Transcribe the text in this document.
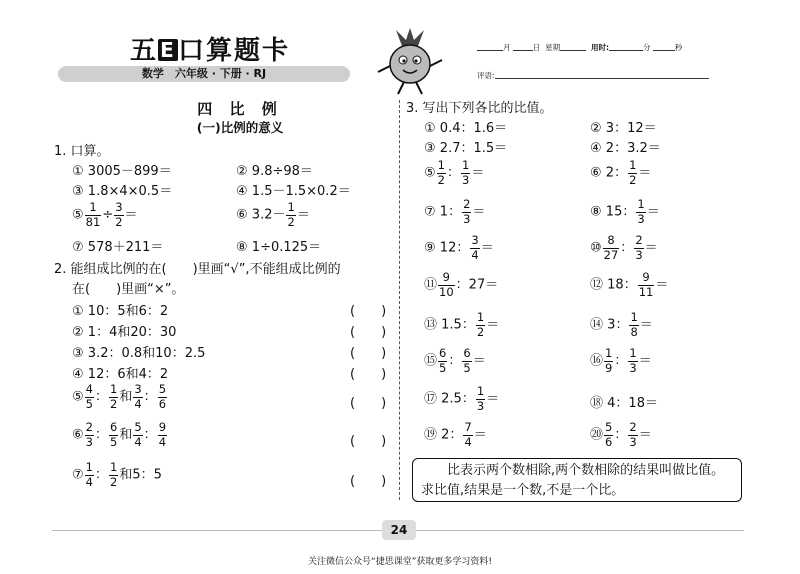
五 E口算题卡
数学　六年级 · 下册 · RJ
月	日 星期	用时:	分	秒
评语:
四 比 例
(一)比例的意义
1. 口算。
① 3005－899＝	② 9.8÷98＝
③ 1.8×4×0.5＝	④ 1.5－1.5×0.2＝
⑤ $\frac{1}{81} \div \frac{3}{2}$ ＝	⑥ $3.2- \frac{1}{2}$ ＝
⑦ 578＋211＝	⑧ 1÷0.125＝
2. 能组成比例的在(　　)里画“√”,不能组成比例的
在(　　)里画“×”。
① 10：5和6：2	(　　)
② 1：4和20：30	(　　)
③ 3.2：0.8和10：2.5	(　　)
④ 12：6和4：2	(　　)
⑤ $\frac{4}{5}$ ： $\frac{1}{2}$ 和 $\frac{3}{4}$ ： $\frac{5}{6}$	(　　)
⑥ $\frac{2}{3}$ ： $\frac{6}{5}$ 和 $\frac{5}{4}$ ： $\frac{9}{4}$	(　　)
⑦ $\frac{1}{4}$ ： $\frac{1}{2}$ 和5：5	(　　)
3. 写出下列各比的比值。
① 0.4：1.6＝	② 3：12＝
③ 2.7：1.5＝	④ 2：3.2＝
⑤ $\frac{1}{2}$ ： $\frac{1}{3}$ ＝	⑥ 2： $\frac{1}{2}$ ＝
⑦ 1： $\frac{2}{3}$ ＝	⑧ 15： $\frac{1}{3}$ ＝
⑨ 12： $\frac{3}{4}$ ＝	⑩ $\frac{8}{27}$ ： $\frac{2}{3}$ ＝
⑪ $\frac{9}{10}$ ：27＝	⑫ 18： $\frac{9}{11}$ ＝
⑬ 1.5： $\frac{1}{2}$ ＝	⑭ 3： $\frac{1}{8}$ ＝
⑮ $\frac{6}{5}$ ： $\frac{6}{5}$ ＝	⑯ $\frac{1}{9}$ ： $\frac{1}{3}$ ＝
⑰ 2.5： $\frac{1}{3}$ ＝	⑱ 4：18＝
⑲ 2： $\frac{7}{4}$ ＝	⑳ $\frac{5}{6}$ ： $\frac{2}{3}$ ＝
比表示两个数相除,两个数相除的结果叫做比值。求比值,结果是一个数,不是一个比。
24
关注微信公众号“捷思课堂”获取更多学习资料!
